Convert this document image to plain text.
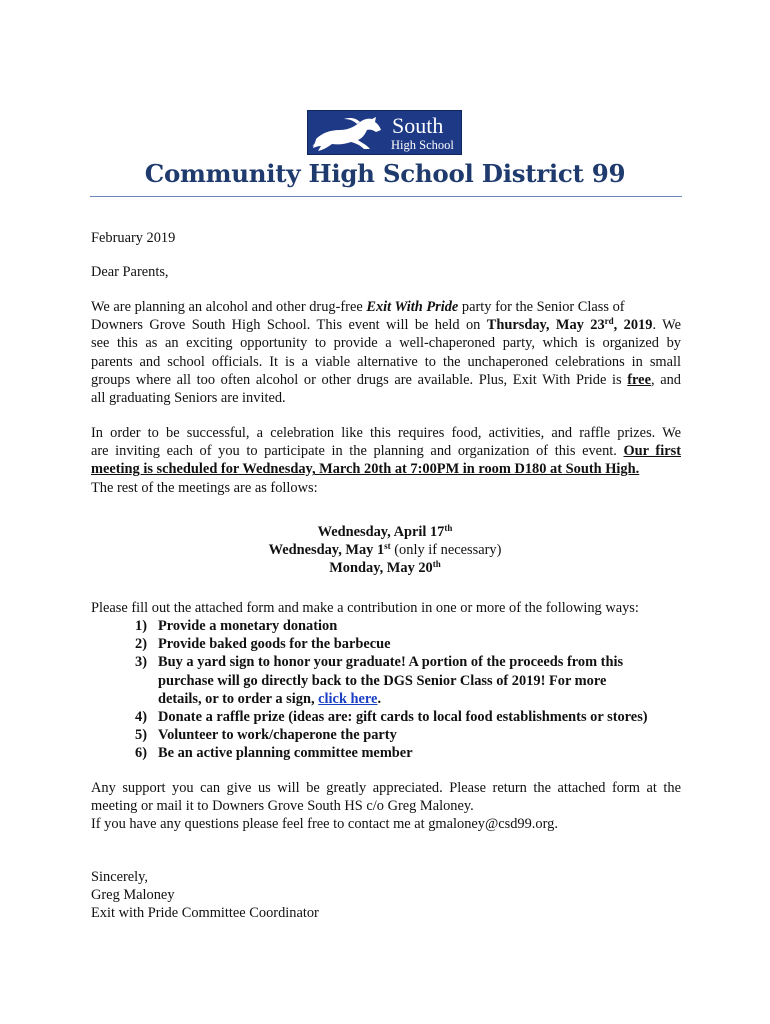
South
High School
Community High School District 99
February 2019
Dear Parents,
We are planning an alcohol and other drug-free Exit With Pride party for the Senior Class of
Downers Grove South High School. This event will be held on Thursday, May 23rd, 2019. We
see this as an exciting opportunity to provide a well-chaperoned party, which is organized by
parents and school officials. It is a viable alternative to the unchaperoned celebrations in small
groups where all too often alcohol or other drugs are available. Plus, Exit With Pride is free, and
all graduating Seniors are invited.
In order to be successful, a celebration like this requires food, activities, and raffle prizes. We
are inviting each of you to participate in the planning and organization of this event. Our first
meeting is scheduled for Wednesday, March 20th at 7:00PM in room D180 at South High.
The rest of the meetings are as follows:
Wednesday, April 17th
Wednesday, May 1st (only if necessary)
Monday, May 20th
Please fill out the attached form and make a contribution in one or more of the following ways:
1) Provide a monetary donation
2) Provide baked goods for the barbecue
3) Buy a yard sign to honor your graduate! A portion of the proceeds from this
purchase will go directly back to the DGS Senior Class of 2019! For more
details, or to order a sign, click here.
4) Donate a raffle prize (ideas are: gift cards to local food establishments or stores)
5) Volunteer to work/chaperone the party
6) Be an active planning committee member
Any support you can give us will be greatly appreciated. Please return the attached form at the
meeting or mail it to Downers Grove South HS c/o Greg Maloney.
If you have any questions please feel free to contact me at gmaloney@csd99.org.
Sincerely,
Greg Maloney
Exit with Pride Committee Coordinator
